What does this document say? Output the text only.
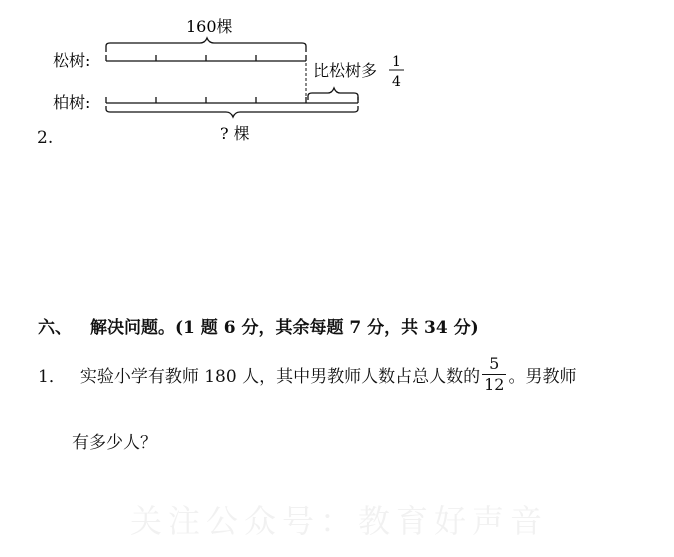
160棵
松树:
比松树多 1
4
柏树:
? 棵
2.
六、 解决问题。(1 题 6 分，其余每题 7 分，共 34 分)
1． 实验小学有教师 180 人，其中男教师人数占总人数的 $\frac{5}{12}$ 。男教师
有多少人？
关注公众号：教育好声音
